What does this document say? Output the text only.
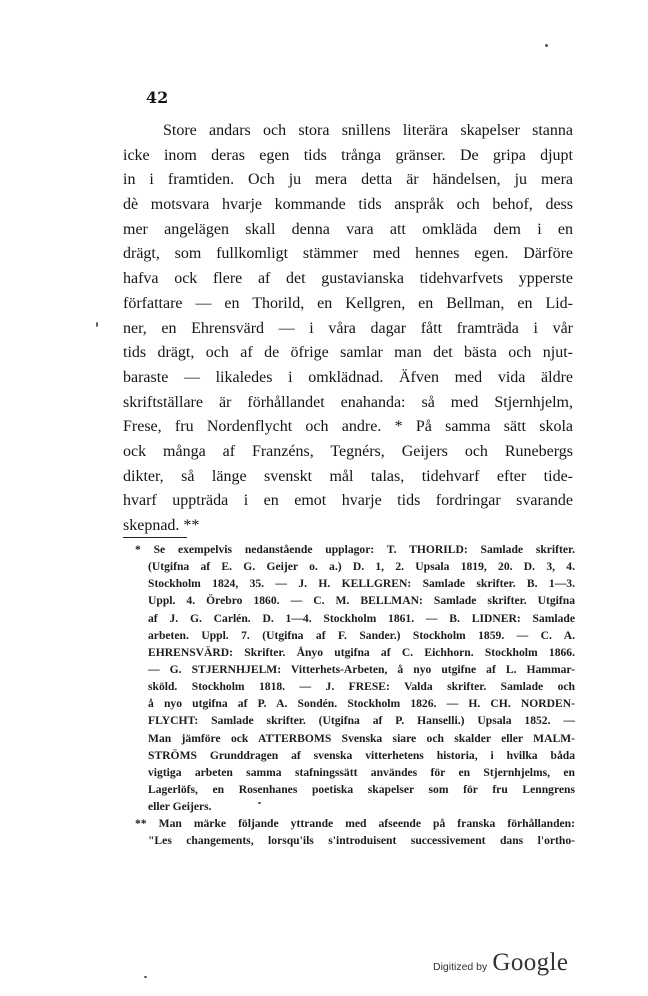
42
Store andars och stora snillens literära skapelser stanna
icke inom deras egen tids trånga gränser. De gripa djupt
in i framtiden. Och ju mera detta är händelsen, ju mera
dè motsvara hvarje kommande tids anspråk och behof, dess
mer angelägen skall denna vara att omkläda dem i en
drägt, som fullkomligt stämmer med hennes egen. Därföre
hafva ock flere af det gustavianska tidehvarfvets ypperste
författare — en Thorild, en Kellgren, en Bellman, en Lid-
ner, en Ehrensvärd — i våra dagar fått framträda i vår
tids drägt, och af de öfrige samlar man det bästa och njut-
baraste — likaledes i omklädnad. Äfven med vida äldre
skriftställare är förhållandet enahanda: så med Stjernhjelm,
Frese, fru Nordenflycht och andre. * På samma sätt skola
ock många af Franzéns, Tegnérs, Geijers och Runebergs
dikter, så länge svenskt mål talas, tidehvarf efter tide-
hvarf uppträda i en emot hvarje tids fordringar svarande
skepnad. **
* Se exempelvis nedanstående upplagor: T. THORILD: Samlade skrifter.
(Utgifna af E. G. Geijer o. a.) D. 1, 2. Upsala 1819, 20. D. 3, 4.
Stockholm 1824, 35. — J. H. KELLGREN: Samlade skrifter. B. 1—3.
Uppl. 4. Örebro 1860. — C. M. BELLMAN: Samlade skrifter. Utgifna
af J. G. Carlén. D. 1—4. Stockholm 1861. — B. LIDNER: Samlade
arbeten. Uppl. 7. (Utgifna af F. Sander.) Stockholm 1859. — C. A.
EHRENSVÄRD: Skrifter. Ånyo utgifna af C. Eichhorn. Stockholm 1866.
— G. STJERNHJELM: Vitterhets-Arbeten, å nyo utgifne af L. Hammar-
sköld. Stockholm 1818. — J. FRESE: Valda skrifter. Samlade och
å nyo utgifna af P. A. Sondén. Stockholm 1826. — H. CH. NORDEN-
FLYCHT: Samlade skrifter. (Utgifna af P. Hanselli.) Upsala 1852. —
Man jämföre ock ATTERBOMS Svenska siare och skalder eller MALM-
STRÖMS Grunddragen af svenska vitterhetens historia, i hvilka båda
vigtiga arbeten samma stafningssätt användes för en Stjernhjelms, en
Lagerlöfs, en Rosenhanes poetiska skapelser som för fru Lenngrens
eller Geijers.
** Man märke följande yttrande med afseende på franska förhållanden:
"Les changements, lorsqu'ils s'introduisent successivement dans l'ortho-
Digitized by Google
